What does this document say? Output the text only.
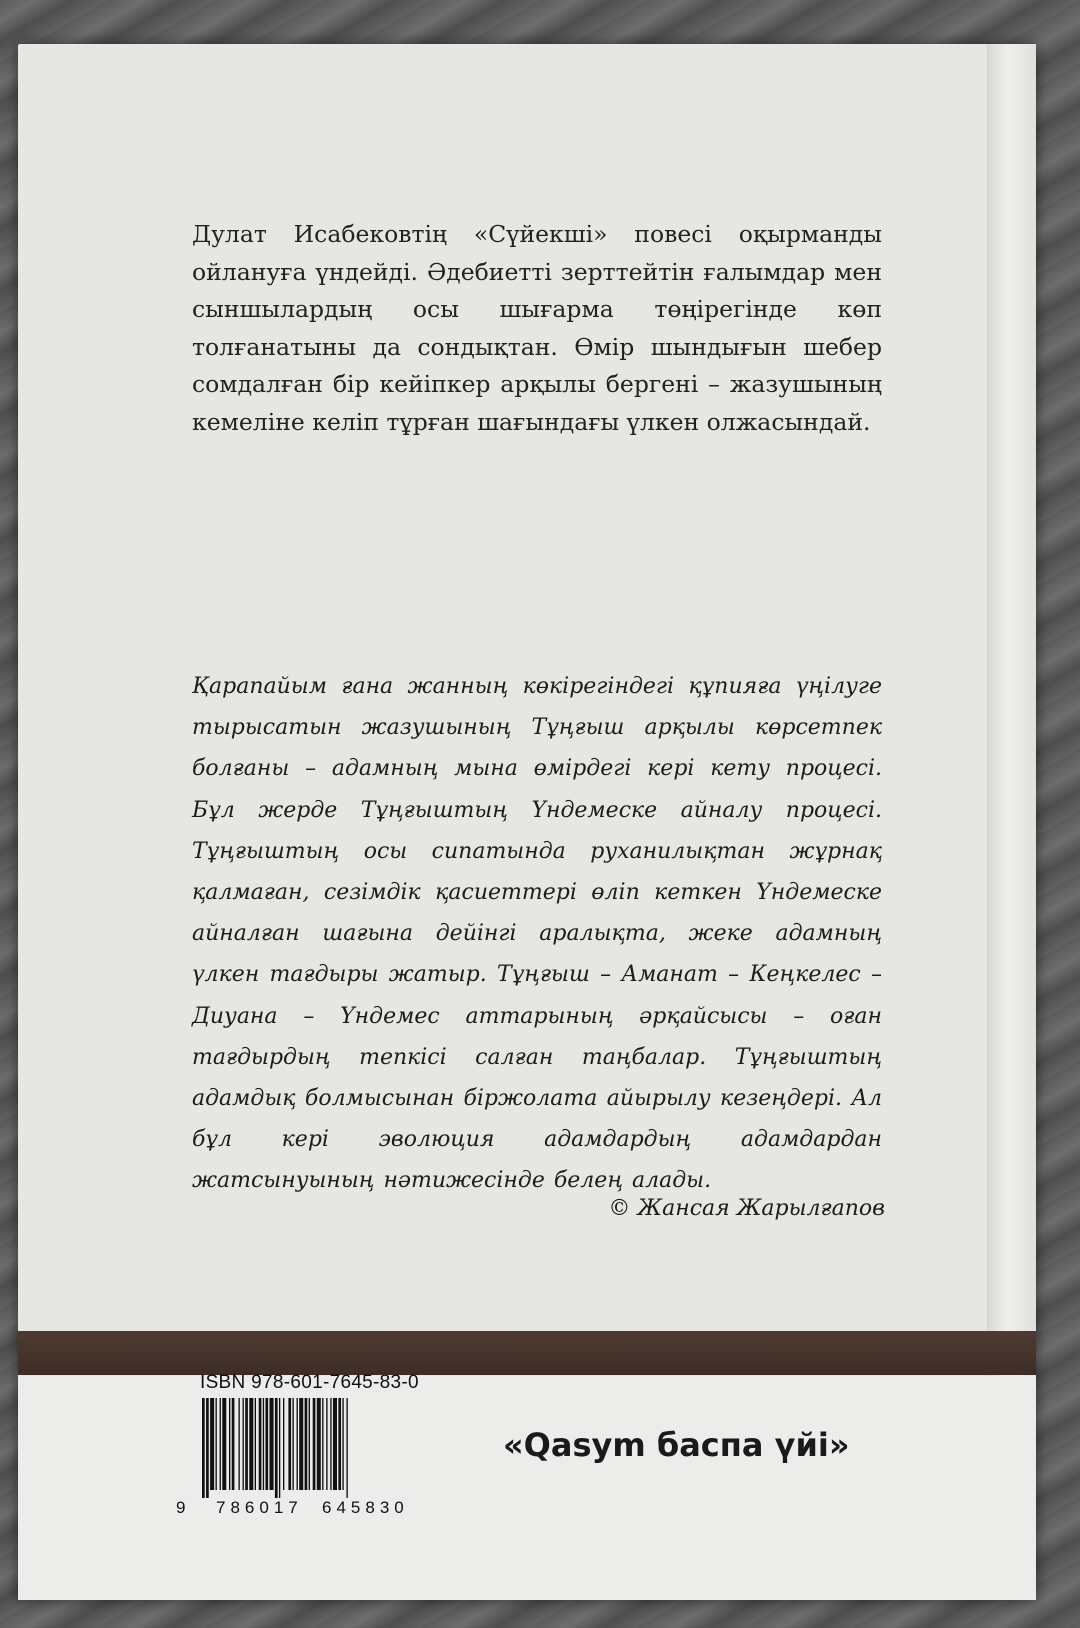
Дулат Исабековтің «Сүйекші» повесі оқырманды ойлануға үндейді. Әдебиетті зерттейтін ғалымдар мен сыншылардың осы шығарма төңірегінде көп толғанатыны да сондықтан. Өмір шындығын шебер сомдалған бір кейіпкер арқылы бергені – жазушының кемеліне келіп тұрған шағындағы үлкен олжасындай.

Қарапайым ғана жанның көкірегіндегі құпияға үңілуге тырысатын жазушының Тұңғыш арқылы көрсетпек болғаны – адамның мына өмірдегі кері кету процесі. Бұл жерде Тұңғыштың Үндемеске айналу процесі. Тұңғыштың осы сипатында руханилықтан жұрнақ қалмаған, сезімдік қасиеттері өліп кеткен Үндемеске айналған шағына дейінгі аралықта, жеке адамның үлкен тағдыры жатыр. Тұңғыш – Аманат – Кеңкелес – Диуана – Үндемес аттарының әрқайсысы – оған тағдырдың тепкісі салған таңбалар. Тұңғыштың адамдық болмысынан біржолата айырылу кезеңдері. Ал бұл кері эволюция адамдардың адамдардан жатсынуының нәтижесінде белең алады.

© Жансая Жарылғапов
ISBN 978-601-7645-83-0
9 786017 645830
«Qasym баспа үйі»
